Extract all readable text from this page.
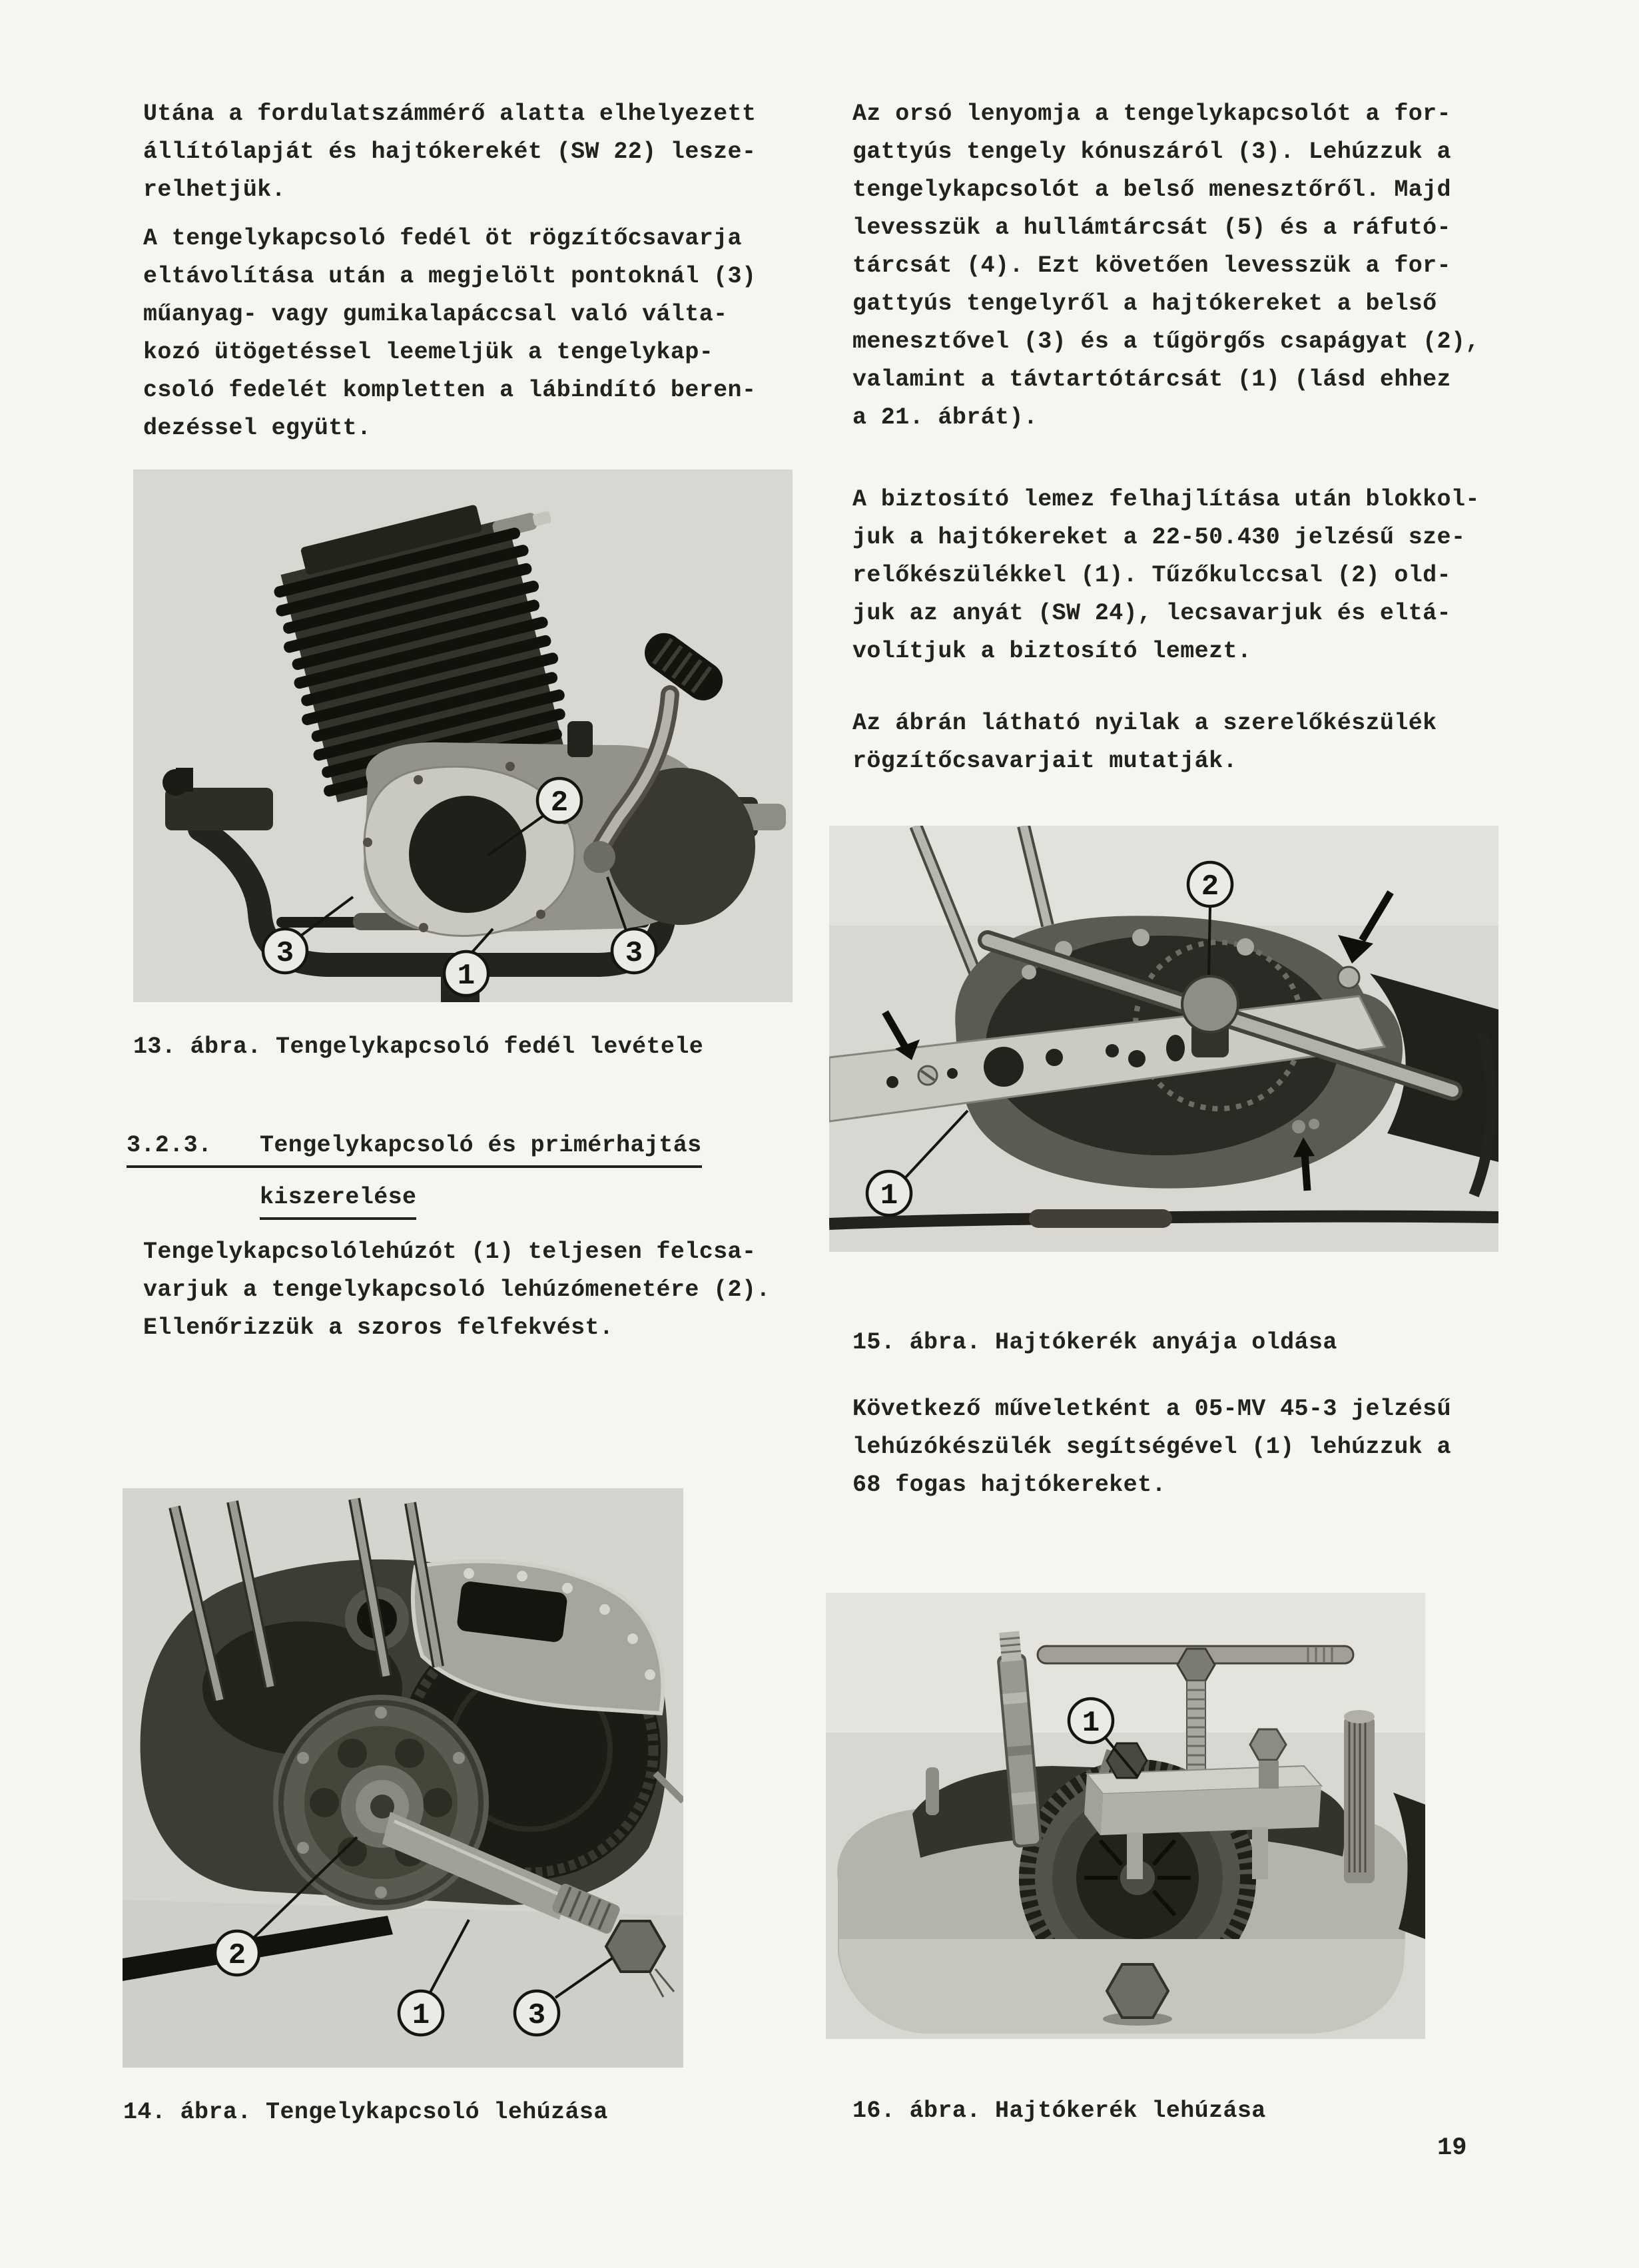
Utána a fordulatszámmérő alatta elhelyezett
állítólapját és hajtókerekét (SW 22) lesze-
relhetjük.
A tengelykapcsoló fedél öt rögzítőcsavarja
eltávolítása után a megjelölt pontoknál (3)
műanyag- vagy gumikalapáccsal való válta-
kozó ütögetéssel leemeljük a tengelykap-
csoló fedelét kompletten a lábindító beren-
dezéssel együtt.
2
3	3
1
13. ábra. Tengelykapcsoló fedél levétele
3.2.3. Tengelykapcsoló és primérhajtás
kiszerelése
Tengelykapcsolólehúzót (1) teljesen felcsa-
varjuk a tengelykapcsoló lehúzómenetére (2).
Ellenőrizzük a szoros felfekvést.
2
1	3
14. ábra. Tengelykapcsoló lehúzása
Az orsó lenyomja a tengelykapcsolót a for-
gattyús tengely kónuszáról (3). Lehúzzuk a
tengelykapcsolót a belső menesztőről. Majd
levesszük a hullámtárcsát (5) és a ráfutó-
tárcsát (4). Ezt követően levesszük a for-
gattyús tengelyről a hajtókereket a belső
menesztővel (3) és a tűgörgős csapágyat (2),
valamint a távtartótárcsát (1) (lásd ehhez
a 21. ábrát).
A biztosító lemez felhajlítása után blokkol-
juk a hajtókereket a 22-50.430 jelzésű sze-
relőkészülékkel (1). Tűzőkulccsal (2) old-
juk az anyát (SW 24), lecsavarjuk és eltá-
volítjuk a biztosító lemezt.
Az ábrán látható nyilak a szerelőkészülék
rögzítőcsavarjait mutatják.
2
1
15. ábra. Hajtókerék anyája oldása
Következő műveletként a 05-MV 45-3 jelzésű
lehúzókészülék segítségével (1) lehúzzuk a
68 fogas hajtókereket.
1
16. ábra. Hajtókerék lehúzása
19
